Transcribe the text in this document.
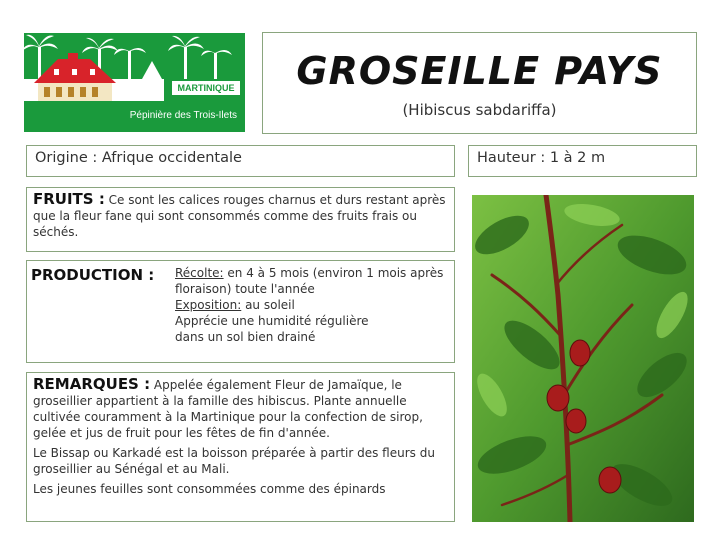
MARTINIQUE
Pépinière des Trois-Ilets
GROSEILLE PAYS
(Hibiscus sabdariffa)
Origine : Afrique occidentale	Hauteur : 1 à 2 m
FRUITS : Ce sont les calices rouges charnus et durs restant après que la fleur fane qui sont consommés comme des fruits frais ou séchés.
PRODUCTION : Récolte: en 4 à 5 mois (environ 1 mois après floraison) toute l'année
Exposition: au soleil
Apprécie une humidité régulière
dans un sol bien drainé

REMARQUES : Appelée également Fleur de Jamaïque, le groseillier appartient à la famille des hibiscus. Plante annuelle cultivée couramment à la Martinique pour la confection de sirop, gelée et jus de fruit pour les fêtes de fin d'année.

Le Bissap ou Karkadé est la boisson préparée à partir des fleurs du groseillier au Sénégal et au Mali.

Les jeunes feuilles sont consommées comme des épinards
